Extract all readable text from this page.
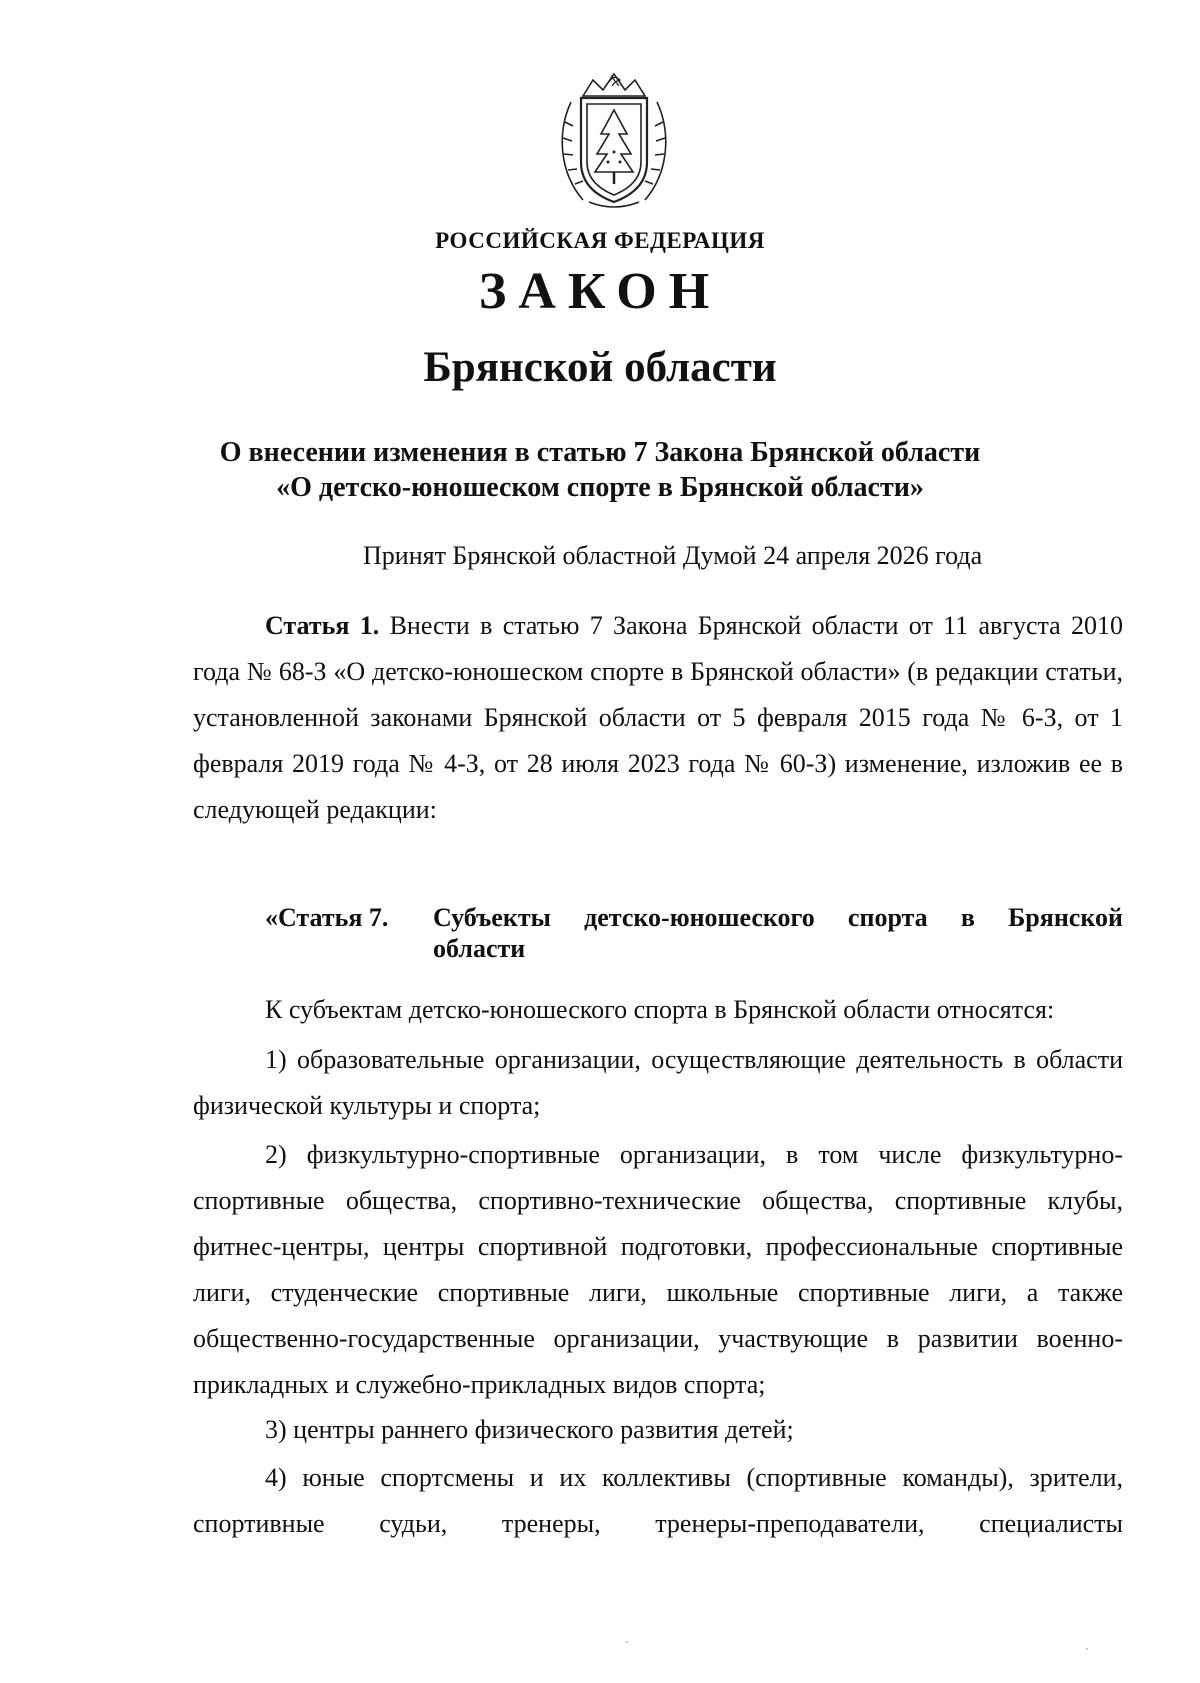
РОССИЙСКАЯ ФЕДЕРАЦИЯ
ЗАКОН
Брянской области
О внесении изменения в статью 7 Закона Брянской области
«О детско-юношеском спорте в Брянской области»
Принят Брянской областной Думой 24 апреля 2026 года

Статья 1. Внести в статью 7 Закона Брянской области от 11 августа 2010 года № 68-З «О детско-юношеском спорте в Брянской области» (в редакции статьи, установленной законами Брянской области от 5 февраля 2015 года № 6-З, от 1 февраля 2019 года № 4-З, от 28 июля 2023 года № 60-З) изменение, изложив ее в следующей редакции:

«Статья 7.	Субъекты детско-юношеского спорта в Брянской
области

К субъектам детско-юношеского спорта в Брянской области относятся:

1) образовательные организации, осуществляющие деятельность в области физической культуры и спорта;

2) физкультурно-спортивные организации, в том числе физкультурно-спортивные общества, спортивно-технические общества, спортивные клубы, фитнес-центры, центры спортивной подготовки, профессиональные спортивные лиги, студенческие спортивные лиги, школьные спортивные лиги, а также общественно-государственные организации, участвующие в развитии военно-прикладных и служебно-прикладных видов спорта;

3) центры раннего физического развития детей;

4) юные спортсмены и их коллективы (спортивные команды), зрители, спортивные судьи, тренеры, тренеры-преподаватели, специалисты
